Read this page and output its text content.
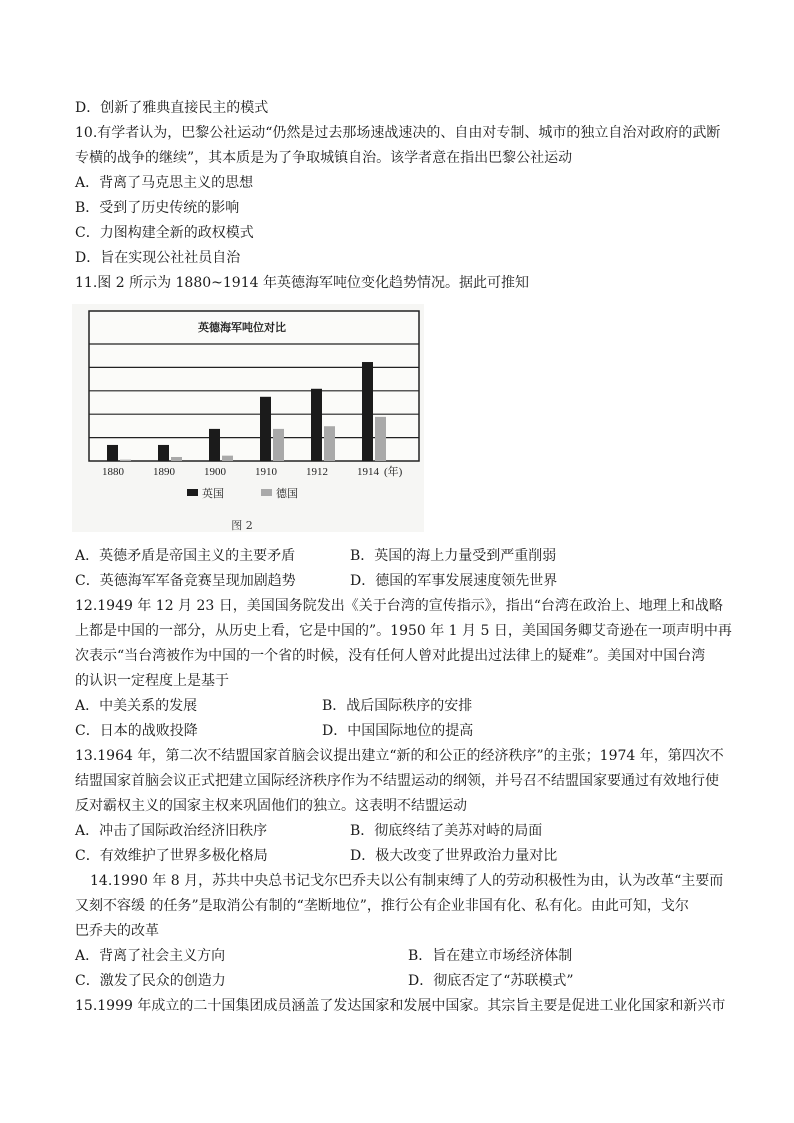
D．创新了雅典直接民主的模式
10.有学者认为，巴黎公社运动“仍然是过去那场速战速决的、自由对专制、城市的独立自治对政府的武断
专横的战争的继续”，其本质是为了争取城镇自治。该学者意在指出巴黎公社运动
A．背离了马克思主义的思想
B．受到了历史传统的影响
C．力图构建全新的政权模式
D．旨在实现公社社员自治
11.图 2 所示为 1880~1914 年英德海军吨位变化趋势情况。据此可推知
英德海军吨位对比
1880	1890	1900	1910	1912	1914 (年)
英国	德国
图 2
A．英德矛盾是帝国主义的主要矛盾	B．英国的海上力量受到严重削弱
C．英德海军军备竞赛呈现加剧趋势	D．德国的军事发展速度领先世界
12.1949 年 12 月 23 日，美国国务院发出《关于台湾的宣传指示》，指出“台湾在政治上、地理上和战略
上都是中国的一部分，从历史上看，它是中国的”。1950 年 1 月 5 日，美国国务卿艾奇逊在一项声明中再
次表示“当台湾被作为中国的一个省的时候，没有任何人曾对此提出过法律上的疑难”。美国对中国台湾
的认识一定程度上是基于
A．中美关系的发展	B．战后国际秩序的安排
C．日本的战败投降	D．中国国际地位的提高
13.1964 年，第二次不结盟国家首脑会议提出建立“新的和公正的经济秩序”的主张；1974 年，第四次不
结盟国家首脑会议正式把建立国际经济秩序作为不结盟运动的纲领，并号召不结盟国家要通过有效地行使
反对霸权主义的国家主权来巩固他们的独立。这表明不结盟运动
A．冲击了国际政治经济旧秩序	B．彻底终结了美苏对峙的局面
C．有效维护了世界多极化格局	D．极大改变了世界政治力量对比
14.1990 年 8 月，苏共中央总书记戈尔巴乔夫以公有制束缚了人的劳动积极性为由，认为改革“主要而
又刻不容缓 的任务”是取消公有制的“垄断地位”，推行公有企业非国有化、私有化。由此可知，戈尔
巴乔夫的改革
A．背离了社会主义方向	B．旨在建立市场经济体制
C．激发了民众的创造力	D．彻底否定了“苏联模式”
15.1999 年成立的二十国集团成员涵盖了发达国家和发展中国家。其宗旨主要是促进工业化国家和新兴市
